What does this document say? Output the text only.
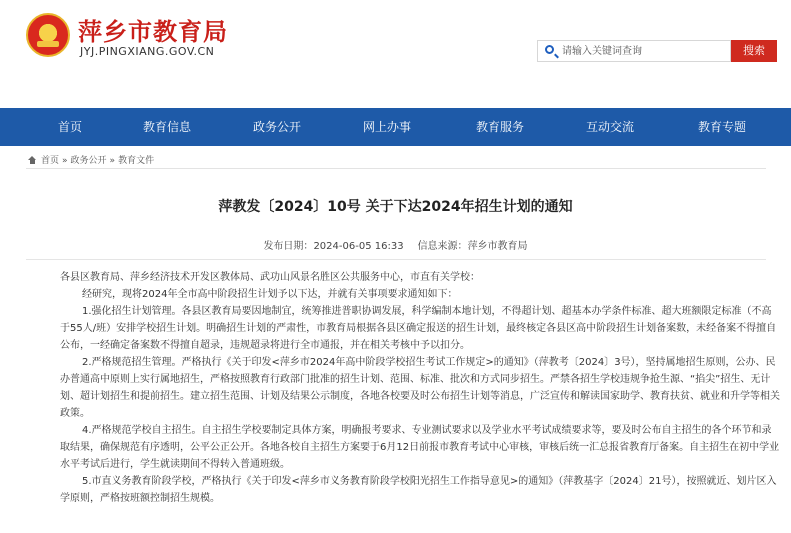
★ 萍乡市教育局
JYJ.PINGXIANG.GOV.CN
请输入关键词查询	搜索
首页	教育信息	政务公开	网上办事	教育服务	互动交流	教育专题
首页 » 政务公开 » 教育文件
萍教发〔2024〕10号 关于下达2024年招生计划的通知
发布日期：2024-06-05 16:33 信息来源：萍乡市教育局

各县区教育局、萍乡经济技术开发区教体局、武功山风景名胜区公共服务中心，市直有关学校：

经研究，现将2024年全市高中阶段招生计划予以下达，并就有关事项要求通知如下：

1.强化招生计划管理。各县区教育局要因地制宜，统筹推进普职协调发展，科学编制本地计划，不得超计划、超基本办学条件标准、超大班额限定标准（不高于55人/班）安排学校招生计划。明确招生计划的严肃性，市教育局根据各县区确定报送的招生计划，最终核定各县区高中阶段招生计划备案数，未经备案不得擅自公布，一经确定备案数不得擅自超录，违规超录将进行全市通报，并在相关考核中予以扣分。

2.严格规范招生管理。严格执行《关于印发<萍乡市2024年高中阶段学校招生考试工作规定>的通知》（萍教考〔2024〕3号），坚持属地招生原则，公办、民办普通高中原则上实行属地招生，严格按照教育行政部门批准的招生计划、范围、标准、批次和方式同步招生。严禁各招生学校违规争抢生源、“掐尖”招生、无计划、超计划招生和提前招生。建立招生范围、计划及结果公示制度，各地各校要及时公布招生计划等消息，广泛宣传和解读国家助学、教育扶贫、就业和升学等相关政策。

4.严格规范学校自主招生。自主招生学校要制定具体方案，明确报考要求、专业测试要求以及学业水平考试成绩要求等，要及时公布自主招生的各个环节和录取结果，确保规范有序透明，公平公正公开。各地各校自主招生方案要于6月12日前报市教育考试中心审核，审核后统一汇总报省教育厅备案。自主招生在初中学业水平考试后进行，学生就读期间不得转入普通班级。

5.市直义务教育阶段学校，严格执行《关于印发<萍乡市义务教育阶段学校阳光招生工作指导意见>的通知》（萍教基字〔2024〕21号），按照就近、划片区入学原则，严格按班额控制招生规模。
